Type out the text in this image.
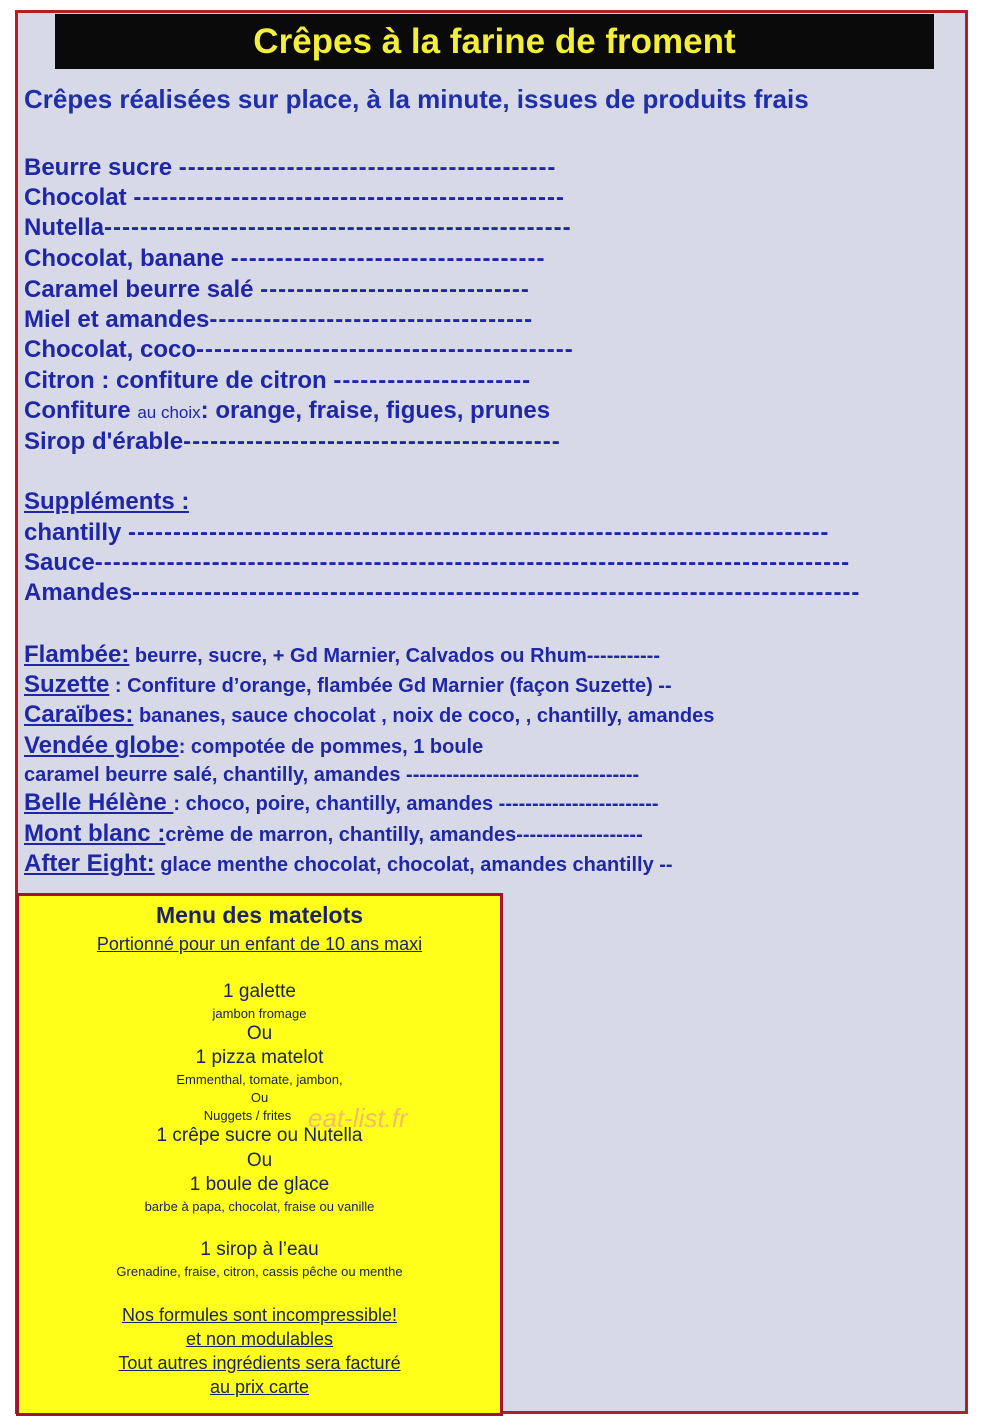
Crêpes à la farine de froment
Crêpes réalisées sur place, à la minute, issues de produits frais
Beurre sucre ------------------------------------------
Chocolat ------------------------------------------------
Nutella----------------------------------------------------
Chocolat, banane -----------------------------------
Caramel beurre salé ------------------------------
Miel et amandes------------------------------------
Chocolat, coco------------------------------------------
Citron : confiture de citron ----------------------
Confiture au choix: orange, fraise, figues, prunes
Sirop d'érable------------------------------------------
Suppléments :
chantilly ------------------------------------------------------------------------------
Sauce------------------------------------------------------------------------------------
Amandes---------------------------------------------------------------------------------
Flambée: beurre, sucre, + Gd Marnier, Calvados ou Rhum-----------
Suzette : Confiture d’orange, flambée Gd Marnier (façon Suzette) --
Caraïbes: bananes, sauce chocolat , noix de coco, , chantilly, amandes
Vendée globe: compotée de pommes, 1 boule
caramel beurre salé, chantilly, amandes -----------------------------------
Belle Hélène : choco, poire, chantilly, amandes ------------------------
Mont blanc :crème de marron, chantilly, amandes-------------------
After Eight: glace menthe chocolat, chocolat, amandes chantilly --
Menu des matelots
Portionné pour un enfant de 10 ans maxi
1 galette
jambon fromage
Ou
1 pizza matelot
Emmenthal, tomate, jambon,
Ou
Nuggets / frites
1 crêpe sucre ou Nutella
Ou
1 boule de glace
barbe à papa, chocolat, fraise ou vanille
1 sirop à l’eau
Grenadine, fraise, citron, cassis pêche ou menthe
Nos formules sont incompressible!
et non modulables
Tout autres ingrédients sera facturé
au prix carte
eat-list.fr
